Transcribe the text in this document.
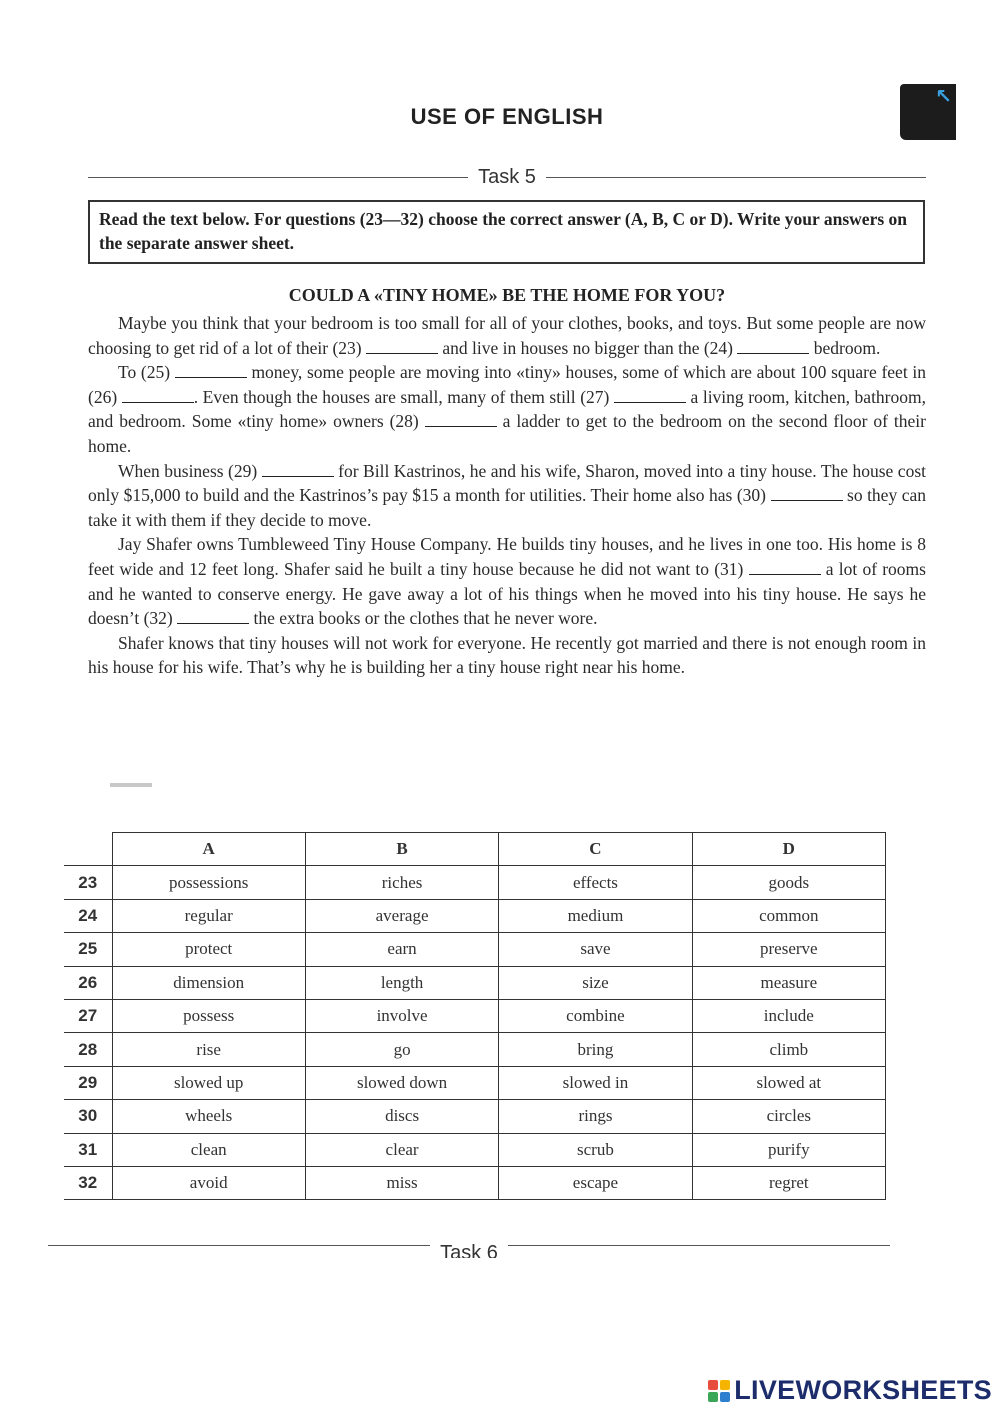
↖
USE OF ENGLISH
Task 5
Read the text below. For questions (23—32) choose the correct answer (A, B, C or D). Write your answers on the separate answer sheet.
COULD A «TINY HOME» BE THE HOME FOR YOU?

Maybe you think that your bedroom is too small for all of your clothes, books, and toys. But some people are now choosing to get rid of a lot of their (23)	and live in houses no bigger than the (24)	bedroom.

To (25)	money, some people are moving into «tiny» houses, some of which are about 100 square feet in (26)	. Even though the houses are small, many of them still (27)	a living room, kitchen, bathroom, and bedroom. Some «tiny home» owners (28)	a ladder to get to the bedroom on the second floor of their home.

When business (29)	for Bill Kastrinos, he and his wife, Sharon, moved into a tiny house. The house cost only $15,000 to build and the Kastrinos’s pay $15 a month for utilities. Their home also has (30)	so they can take it with them if they decide to move.

Jay Shafer owns Tumbleweed Tiny House Company. He builds tiny houses, and he lives in one too. His home is 8 feet wide and 12 feet long. Shafer said he built a tiny house because he did not want to (31)	a lot of rooms and he wanted to conserve energy. He gave away a lot of his things when he moved into his tiny house. He says he doesn’t (32)	the extra books or the clothes that he never wore.

Shafer knows that tiny houses will not work for everyone. He recently got married and there is not enough room in his house for his wife. That’s why he is building her a tiny house right near his home.

	A	B	C	D
23	possessions	riches	effects	goods
24	regular	average	medium	common
25	protect	earn	save	preserve
26	dimension	length	size	measure
27	possess	involve	combine	include
28	rise	go	bring	climb
29	slowed up	slowed down	slowed in	slowed at
30	wheels	discs	rings	circles
31	clean	clear	scrub	purify
32	avoid	miss	escape	regret
Task 6
LIVEWORKSHEETS
